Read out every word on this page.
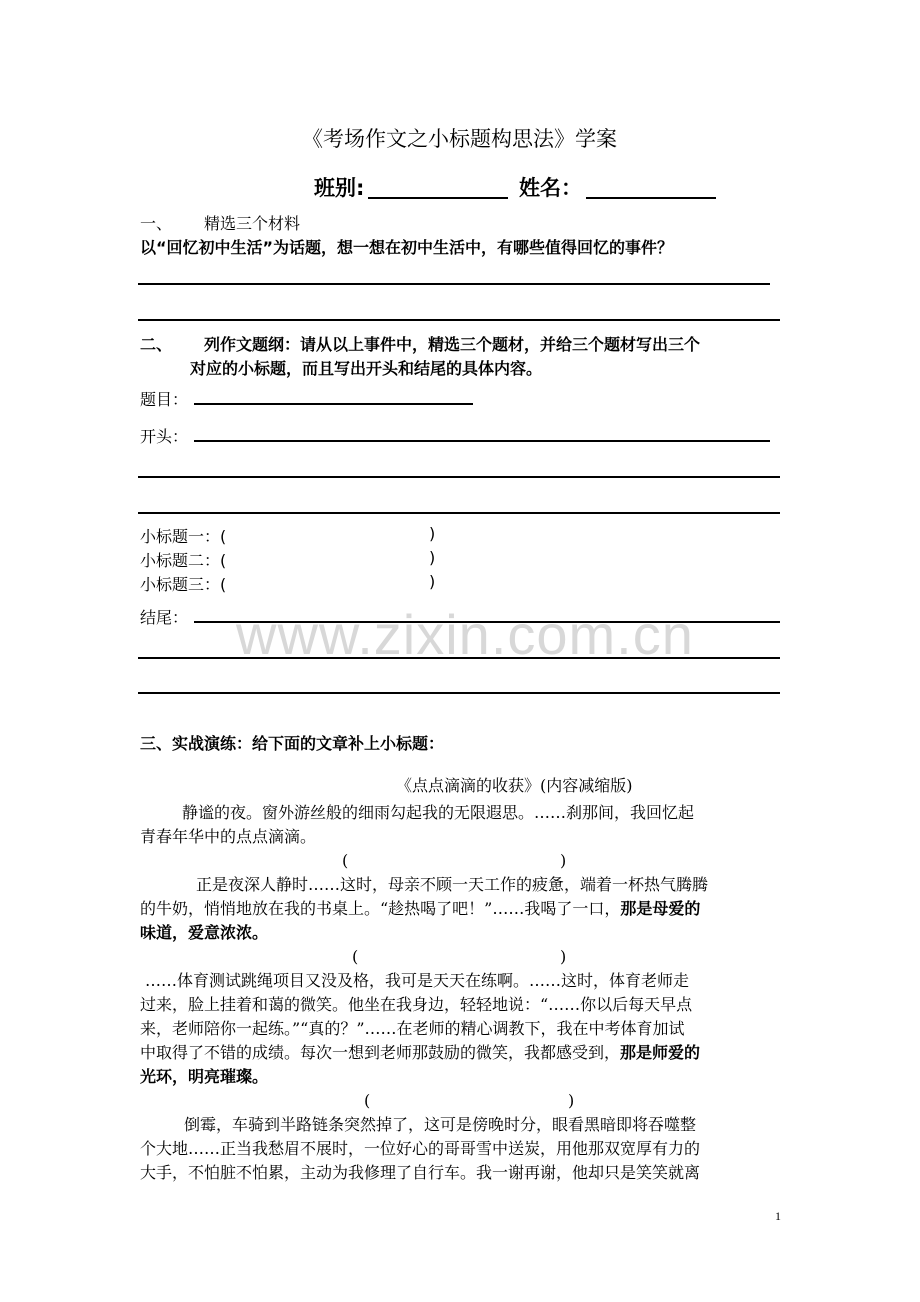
《考场作文之小标题构思法》学案
班别:	姓名：
一、 精选三个材料
以“回忆初中生活”为话题，想一想在初中生活中，有哪些值得回忆的事件？
二、 列作文题纲：请从以上事件中，精选三个题材，并给三个题材写出三个
对应的小标题，而且写出开头和结尾的具体内容。
题目：
开头：
小标题一：(	)
小标题二：(	)
小标题三：(	)
结尾： www.zixin.com.cn
三、实战演练：给下面的文章补上小标题：
《点点滴滴的收获》(内容减缩版)
静谧的夜。窗外游丝般的细雨勾起我的无限遐思。……刹那间，我回忆起
青春年华中的点点滴滴。
(	)
正是夜深人静时……这时，母亲不顾一天工作的疲惫，端着一杯热气腾腾
的牛奶，悄悄地放在我的书桌上。“趁热喝了吧！”……我喝了一口，那是母爱的
味道，爱意浓浓。
(	)
……体育测试跳绳项目又没及格，我可是天天在练啊。……这时，体育老师走
过来，脸上挂着和蔼的微笑。他坐在我身边，轻轻地说：“……你以后每天早点
来，老师陪你一起练。”“真的？”……在老师的精心调教下，我在中考体育加试
中取得了不错的成绩。每次一想到老师那鼓励的微笑，我都感受到，那是师爱的
光环，明亮璀璨。
(	)
倒霉，车骑到半路链条突然掉了，这可是傍晚时分，眼看黑暗即将吞噬整
个大地……正当我愁眉不展时，一位好心的哥哥雪中送炭，用他那双宽厚有力的
大手，不怕脏不怕累，主动为我修理了自行车。我一谢再谢，他却只是笑笑就离
1
